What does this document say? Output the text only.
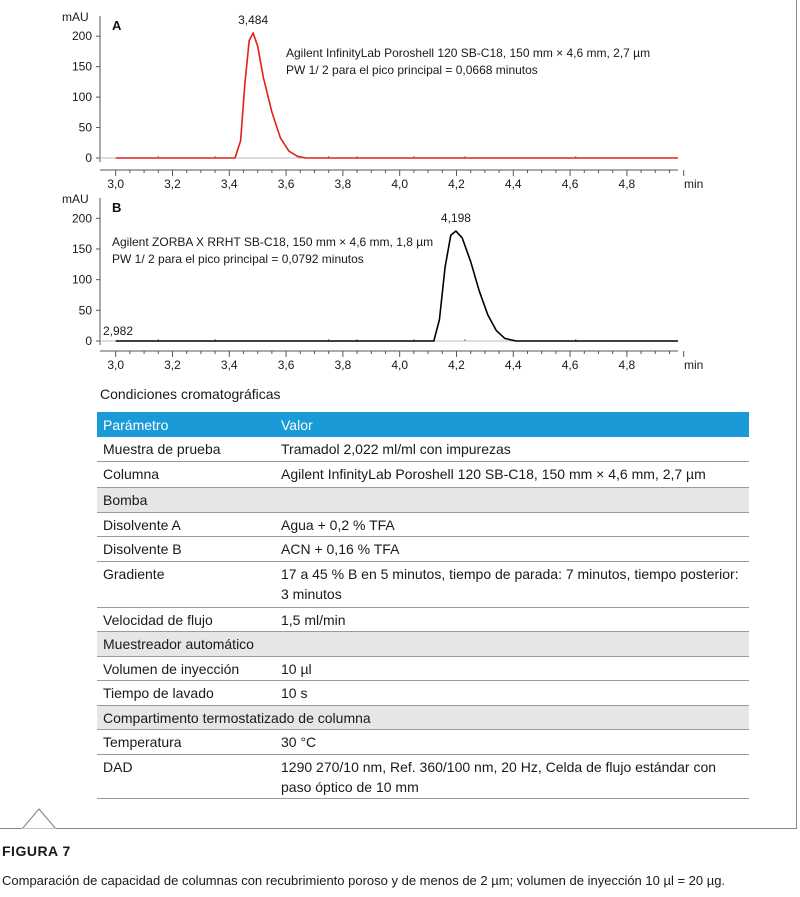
mAU
0
50
100
150
200
3,0	3,2	3,4	3,6	3,8	4,0	4,2	4,4	4,6	4,8	min
A	3,484
Agilent InfinityLab Poroshell 120 SB-C18, 150 mm × 4,6 mm, 2,7 µm
PW 1/ 2 para el pico principal = 0,0668 minutos
mAU
0
50
100
150
200
3,0	3,2	3,4	3,6	3,8	4,0	4,2	4,4	4,6	4,8	min
B
4,198
2,982
Agilent ZORBA X RRHT SB-C18, 150 mm × 4,6 mm, 1,8 µm
PW 1/ 2 para el pico principal = 0,0792 minutos
Condiciones cromatográficas
Parámetro	Valor
Muestra de prueba	Tramadol 2,022 ml/ml con impurezas
Columna	Agilent InfinityLab Poroshell 120 SB-C18, 150 mm × 4,6 mm, 2,7 µm
Bomba	
Disolvente A	Agua + 0,2 % TFA
Disolvente B	ACN + 0,16 % TFA
Gradiente	17 a 45 % B en 5 minutos, tiempo de parada: 7 minutos, tiempo posterior: 3 minutos
Velocidad de flujo	1,5 ml/min
Muestreador automático	
Volumen de inyección	10 µl
Tiempo de lavado	10 s
Compartimento termostatizado de columna	
Temperatura	30 °C
DAD	1290 270/10 nm, Ref. 360/100 nm, 20 Hz, Celda de flujo estándar con paso óptico de 10 mm
FIGURA 7
Comparación de capacidad de columnas con recubrimiento poroso y de menos de 2 µm; volumen de inyección 10 µl = 20 µg.
